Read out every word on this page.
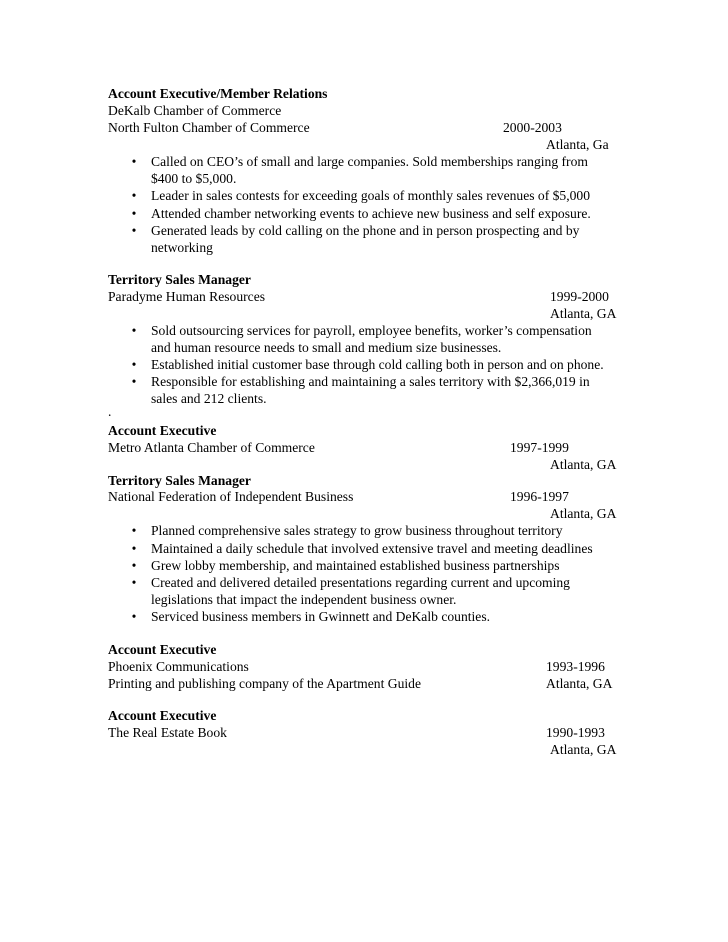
Account Executive/Member Relations
DeKalb Chamber of Commerce
North Fulton Chamber of Commerce	2000-2003
Atlanta, Ga
• Called on CEO’s of small and large companies. Sold memberships ranging from
$400 to $5,000.
• Leader in sales contests for exceeding goals of monthly sales revenues of $5,000
• Attended chamber networking events to achieve new business and self exposure.
• Generated leads by cold calling on the phone and in person prospecting and by
networking
Territory Sales Manager
Paradyme Human Resources	1999-2000
Atlanta, GA
• Sold outsourcing services for payroll, employee benefits, worker’s compensation
and human resource needs to small and medium size businesses.
• Established initial customer base through cold calling both in person and on phone.
• Responsible for establishing and maintaining a sales territory with $2,366,019 in
sales and 212 clients.
.
Account Executive
Metro Atlanta Chamber of Commerce	1997-1999
Atlanta, GA
Territory Sales Manager
National Federation of Independent Business	1996-1997
Atlanta, GA
• Planned comprehensive sales strategy to grow business throughout territory
• Maintained a daily schedule that involved extensive travel and meeting deadlines
• Grew lobby membership, and maintained established business partnerships
• Created and delivered detailed presentations regarding current and upcoming
legislations that impact the independent business owner.
• Serviced business members in Gwinnett and DeKalb counties.
Account Executive
Phoenix Communications	1993-1996
Printing and publishing company of the Apartment Guide	Atlanta, GA
Account Executive
The Real Estate Book	1990-1993
Atlanta, GA
